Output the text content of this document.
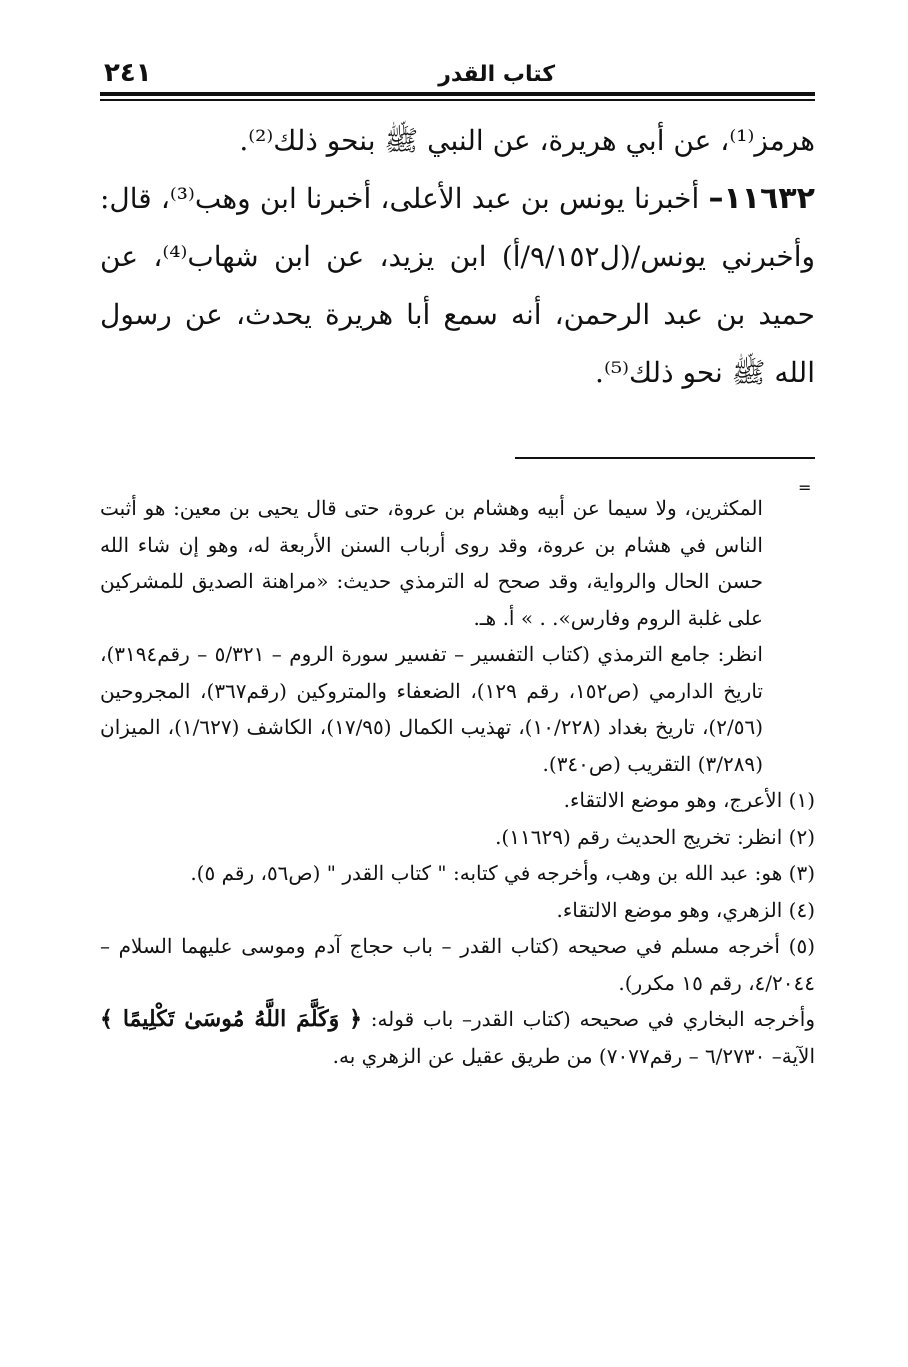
كتاب القدر
٢٤١

هرمز⁽¹⁾، عن أبي هريرة، عن النبي ﷺ بنحو ذلك⁽²⁾.

١١٦٣٢– أخبرنا يونس بن عبد الأعلى، أخبرنا ابن وهب⁽³⁾، قال: وأخبرني يونس/(ل٩/١٥٢/أ) ابن يزيد، عن ابن شهاب⁽⁴⁾، عن حميد بن عبد الرحمن، أنه سمع أبا هريرة يحدث، عن رسول الله ﷺ نحو ذلك⁽⁵⁾.

=

المكثرين، ولا سيما عن أبيه وهشام بن عروة، حتى قال يحيى بن معين: هو أثبت الناس في هشام بن عروة، وقد روى أرباب السنن الأربعة له، وهو إن شاء الله حسن الحال والرواية، وقد صحح له الترمذي حديث: «مراهنة الصديق للمشركين على غلبة الروم وفارس». . » أ. هـ.

انظر: جامع الترمذي (كتاب التفسير – تفسير سورة الروم – ٥/٣٢١ – رقم٣١٩٤)، تاريخ الدارمي (ص١٥٢، رقم ١٢٩)، الضعفاء والمتروكين (رقم٣٦٧)، المجروحين (٢/٥٦)، تاريخ بغداد (١٠/٢٢٨)، تهذيب الكمال (١٧/٩٥)، الكاشف (١/٦٢٧)، الميزان (٣/٢٨٩) التقريب (ص٣٤٠).

(١) الأعرج، وهو موضع الالتقاء.

(٢) انظر: تخريج الحديث رقم (١١٦٢٩).

(٣) هو: عبد الله بن وهب، وأخرجه في كتابه: " كتاب القدر " (ص٥٦، رقم ٥).

(٤) الزهري، وهو موضع الالتقاء.

(٥) أخرجه مسلم في صحيحه (كتاب القدر – باب حجاج آدم وموسى عليهما السلام – ٤/٢٠٤٤، رقم ١٥ مكرر).

وأخرجه البخاري في صحيحه (كتاب القدر– باب قوله: ﴿ وَكَلَّمَ اللَّهُ مُوسَىٰ تَكْلِيمًا ﴾ الآية– ٦/٢٧٣٠ – رقم٧٠٧٧) من طريق عقيل عن الزهري به.
